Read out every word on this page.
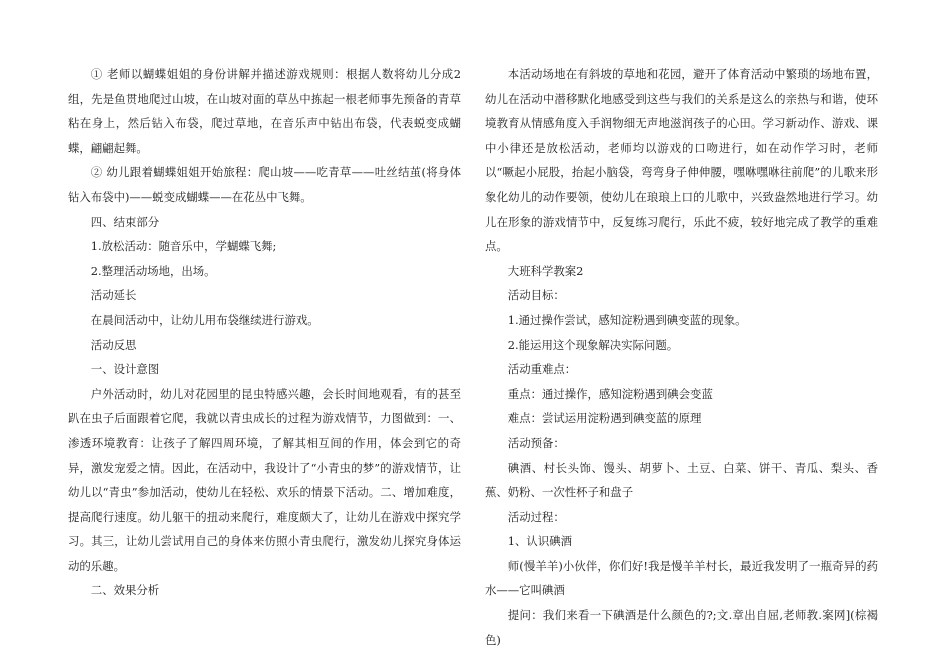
① 老师以蝴蝶姐姐的身份讲解并描述游戏规则：根据人数将幼儿分成2组，先是鱼贯地爬过山坡，在山坡对面的草丛中拣起一根老师事先预备的青草粘在身上，然后钻入布袋，爬过草地，在音乐声中钻出布袋，代表蜕变成蝴蝶，翩翩起舞。

② 幼儿跟着蝴蝶姐姐开始旅程：爬山坡——吃青草——吐丝结茧(将身体钻入布袋中)——蜕变成蝴蝶——在花丛中飞舞。

四、结束部分

1.放松活动：随音乐中，学蝴蝶飞舞;

2.整理活动场地，出场。

活动延长

在晨间活动中，让幼儿用布袋继续进行游戏。

活动反思

一、设计意图

户外活动时，幼儿对花园里的昆虫特感兴趣，会长时间地观看，有的甚至趴在虫子后面跟着它爬，我就以青虫成长的过程为游戏情节，力图做到：一、渗透环境教育：让孩子了解四周环境，了解其相互间的作用，体会到它的奇异，激发宠爱之情。因此，在活动中，我设计了“小青虫的梦”的游戏情节，让幼儿以“青虫”参加活动，使幼儿在轻松、欢乐的情景下活动。二、增加难度，提高爬行速度。幼儿躯干的扭动来爬行，难度颇大了，让幼儿在游戏中探究学习。其三，让幼儿尝试用自己的身体来仿照小青虫爬行，激发幼儿探究身体运动的乐趣。

二、效果分析

本活动场地在有斜坡的草地和花园，避开了体育活动中繁琐的场地布置，幼儿在活动中潜移默化地感受到这些与我们的关系是这么的亲热与和谐，使环境教育从情感角度入手润物细无声地滋润孩子的心田。学习新动作、游戏、课中小律还是放松活动，老师均以游戏的口吻进行，如在动作学习时，老师以“噘起小屁股，抬起小脑袋，弯弯身子伸伸腰，嘿咻嘿咻往前爬”的儿歌来形象化幼儿的动作要领，使幼儿在琅琅上口的儿歌中，兴致盎然地进行学习。幼儿在形象的游戏情节中，反复练习爬行，乐此不疲，较好地完成了教学的重难点。

大班科学教案2

活动目标：

1.通过操作尝试，感知淀粉遇到碘变蓝的现象。

2.能运用这个现象解决实际问题。

活动重难点：

重点：通过操作，感知淀粉遇到碘会变蓝

难点：尝试运用淀粉遇到碘变蓝的原理

活动预备：

碘酒、村长头饰、馒头、胡萝卜、土豆、白菜、饼干、青瓜、梨头、香蕉、奶粉、一次性杯子和盘子

活动过程：

1、认识碘酒

师(慢羊羊)小伙伴，你们好!我是慢羊羊村长，最近我发明了一瓶奇异的药水——它叫碘酒

提问：我们来看一下碘酒是什么颜色的?;文.章出自屈,老师教.案网](棕褐色)
